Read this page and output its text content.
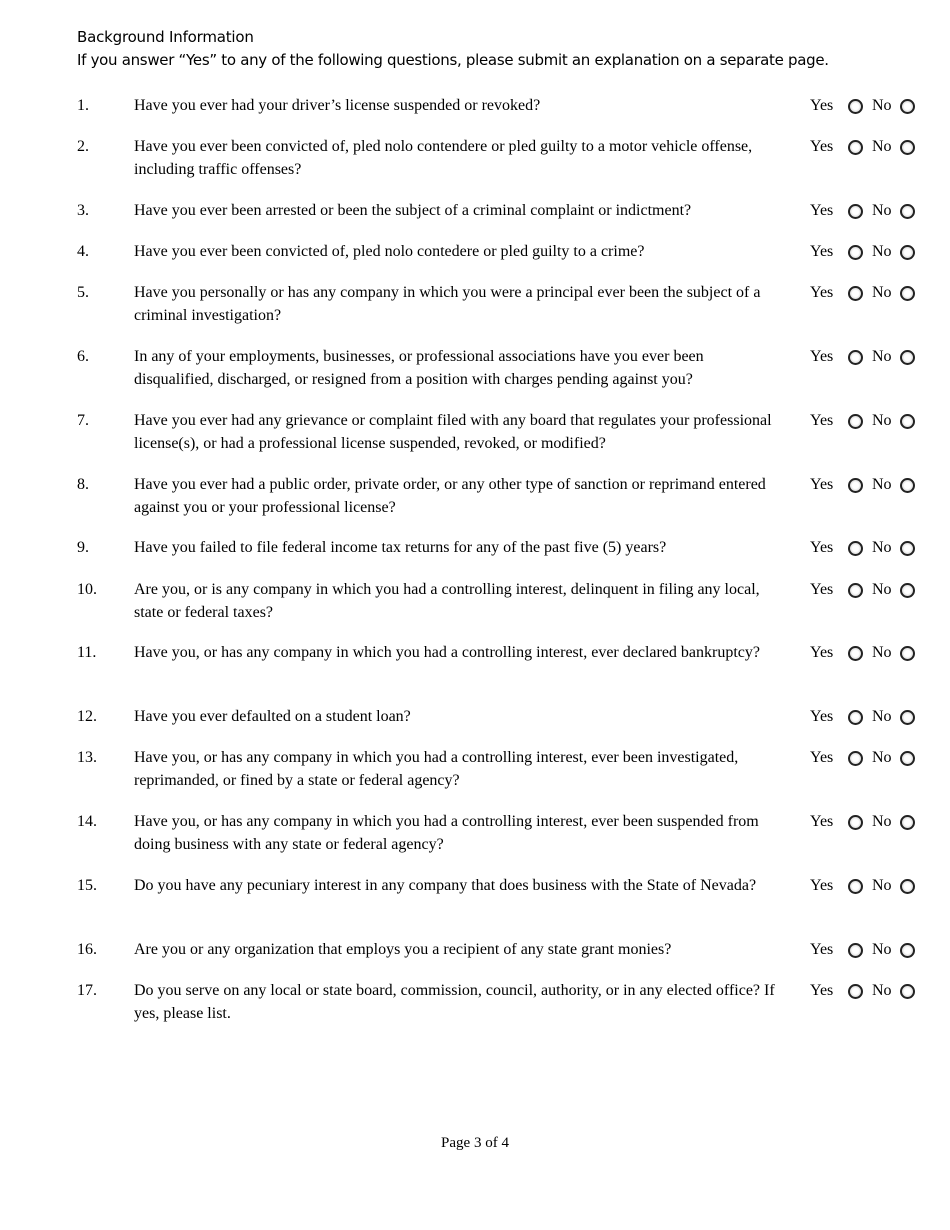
Background Information
If you answer “Yes” to any of the following questions, please submit an explanation on a separate page.
1.	Have you ever had your driver’s license suspended or revoked?	Yes No
2.	Have you ever been convicted of, pled nolo contendere or pled guilty to a motor vehicle offense, including traffic offenses?
Yes No
3.	Have you ever been arrested or been the subject of a criminal complaint or indictment?	Yes No
4.	Have you ever been convicted of, pled nolo contedere or pled guilty to a crime?	Yes No
5.	Have you personally or has any company in which you were a principal ever been the subject of a criminal investigation?
Yes No
6.	In any of your employments, businesses, or professional associations have you ever been disqualified, discharged, or resigned from a position with charges pending against you?
Yes No
7.	Have you ever had any grievance or complaint filed with any board that regulates your professional license(s), or had a professional license suspended, revoked, or modified?
Yes No
8.	Have you ever had a public order, private order, or any other type of sanction or reprimand entered against you or your professional license?
Yes No
9.	Have you failed to file federal income tax returns for any of the past five (5) years?	Yes No
10. Are you, or is any company in which you had a controlling interest, delinquent in filing any local, state or federal taxes?
Yes No
11. Have you, or has any company in which you had a controlling interest, ever declared bankruptcy?	Yes No
12. Have you ever defaulted on a student loan?	Yes No
13. Have you, or has any company in which you had a controlling interest, ever been investigated, reprimanded, or fined by a state or federal agency?
Yes No
14. Have you, or has any company in which you had a controlling interest, ever been suspended from doing business with any state or federal agency?
Yes No
15. Do you have any pecuniary interest in any company that does business with the State of Nevada?	Yes No
16. Are you or any organization that employs you a recipient of any state grant monies?	Yes No
17. Do you serve on any local or state board, commission, council, authority, or in any elected office? If yes, please list.
Yes No
Page 3 of 4
